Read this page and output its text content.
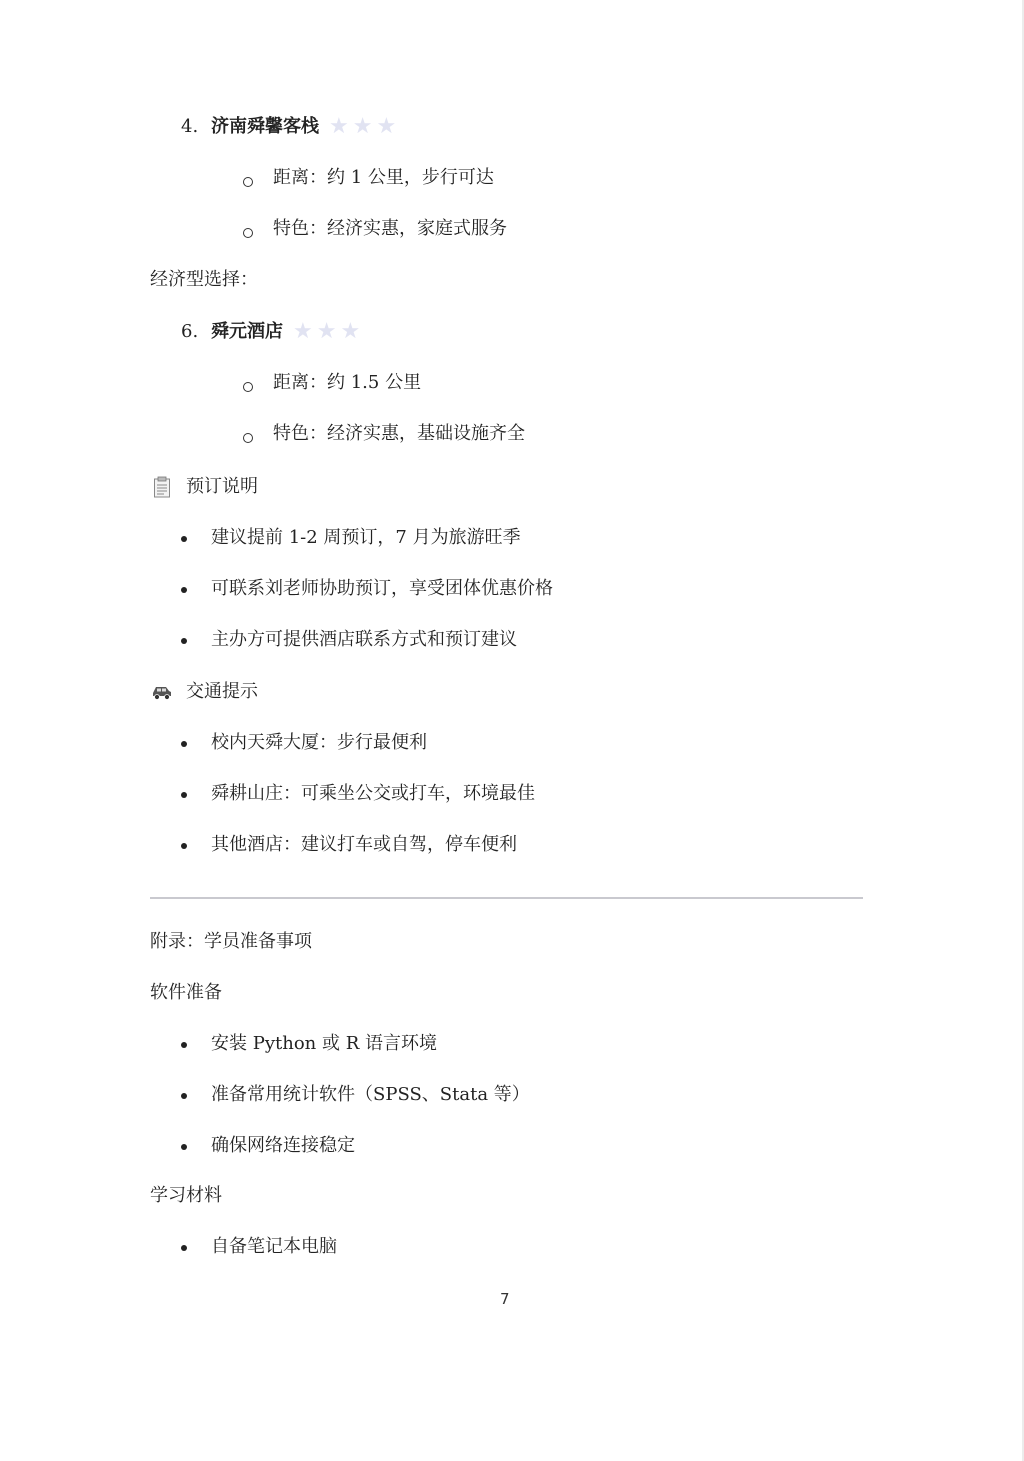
4. 济南舜馨客栈 ★★★
距离：约 1 公里，步行可达
特色：经济实惠，家庭式服务
经济型选择：
6. 舜元酒店 ★★★
距离：约 1.5 公里
特色：经济实惠，基础设施齐全
预订说明
建议提前 1-2 周预订，7 月为旅游旺季
可联系刘老师协助预订，享受团体优惠价格
主办方可提供酒店联系方式和预订建议
交通提示
校内天舜大厦：步行最便利
舜耕山庄：可乘坐公交或打车，环境最佳
其他酒店：建议打车或自驾，停车便利
附录：学员准备事项
软件准备
安装 Python 或 R 语言环境
准备常用统计软件（SPSS、Stata 等）
确保网络连接稳定
学习材料
自备笔记本电脑
7
